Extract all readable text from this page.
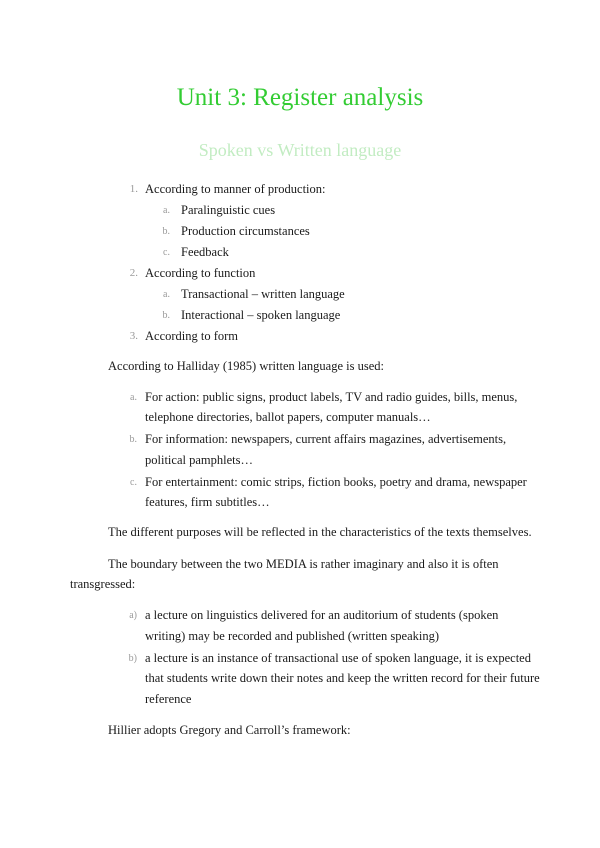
Unit 3: Register analysis
Spoken vs Written language
1. According to manner of production:
a. Paralinguistic cues
b. Production circumstances
c. Feedback
2. According to function
a. Transactional – written language
b. Interactional – spoken language
3. According to form
According to Halliday (1985) written language is used:
a. For action: public signs, product labels, TV and radio guides, bills, menus,
telephone directories, ballot papers, computer manuals…
b. For information: newspapers, current affairs magazines, advertisements,
political pamphlets…
c. For entertainment: comic strips, fiction books, poetry and drama, newspaper
features, firm subtitles…
The different purposes will be reflected in the characteristics of the texts themselves.
The boundary between the two MEDIA is rather imaginary and also it is often
transgressed:
a) a lecture on linguistics delivered for an auditorium of students (spoken
writing) may be recorded and published (written speaking)
b) a lecture is an instance of transactional use of spoken language, it is expected
that students write down their notes and keep the written record for their future
reference
Hillier adopts Gregory and Carroll’s framework:
